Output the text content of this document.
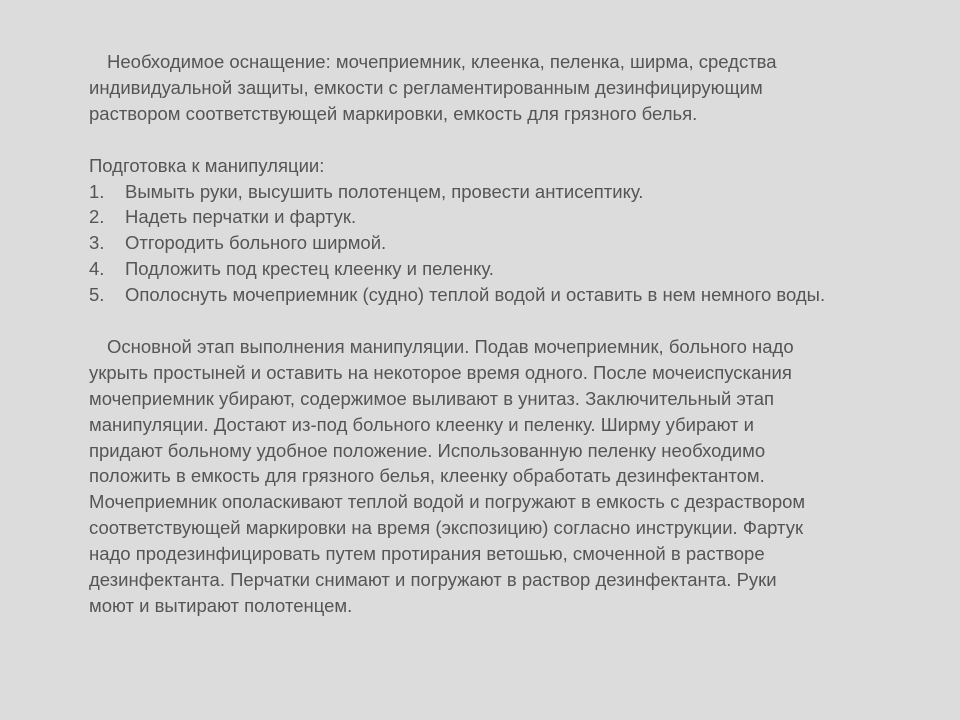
Необходимое оснащение: мочеприемник, клеенка, пеленка, ширма, средства
индивидуальной защиты, емкости с регламентированным дезинфицирующим
раствором соответствующей маркировки, емкость для грязного белья.
Подготовка к манипуляции:
1.	Вымыть руки, высушить полотенцем, провести антисептику.
2.	Надеть перчатки и фартук.
3.	Отгородить больного ширмой.
4.	Подложить под крестец клеенку и пеленку.
5.	Ополоснуть мочеприемник (судно) теплой водой и оставить в нем немного воды.
Основной этап выполнения манипуляции. Подав мочеприемник, больного надо
укрыть простыней и оставить на некоторое время одного. После мочеиспускания
мочеприемник убирают, содержимое выливают в унитаз. Заключительный этап
манипуляции. Достают из-под больного клеенку и пеленку. Ширму убирают и
придают больному удобное положение. Использованную пеленку необходимо
положить в емкость для грязного белья, клеенку обработать дезинфектантом.
Мочеприемник ополаскивают теплой водой и погружают в емкость с дезраствором
соответствующей маркировки на время (экспозицию) согласно инструкции. Фартук
надо продезинфицировать путем протирания ветошью, смоченной в растворе
дезинфектанта. Перчатки снимают и погружают в раствор дезинфектанта. Руки
моют и вытирают полотенцем.
